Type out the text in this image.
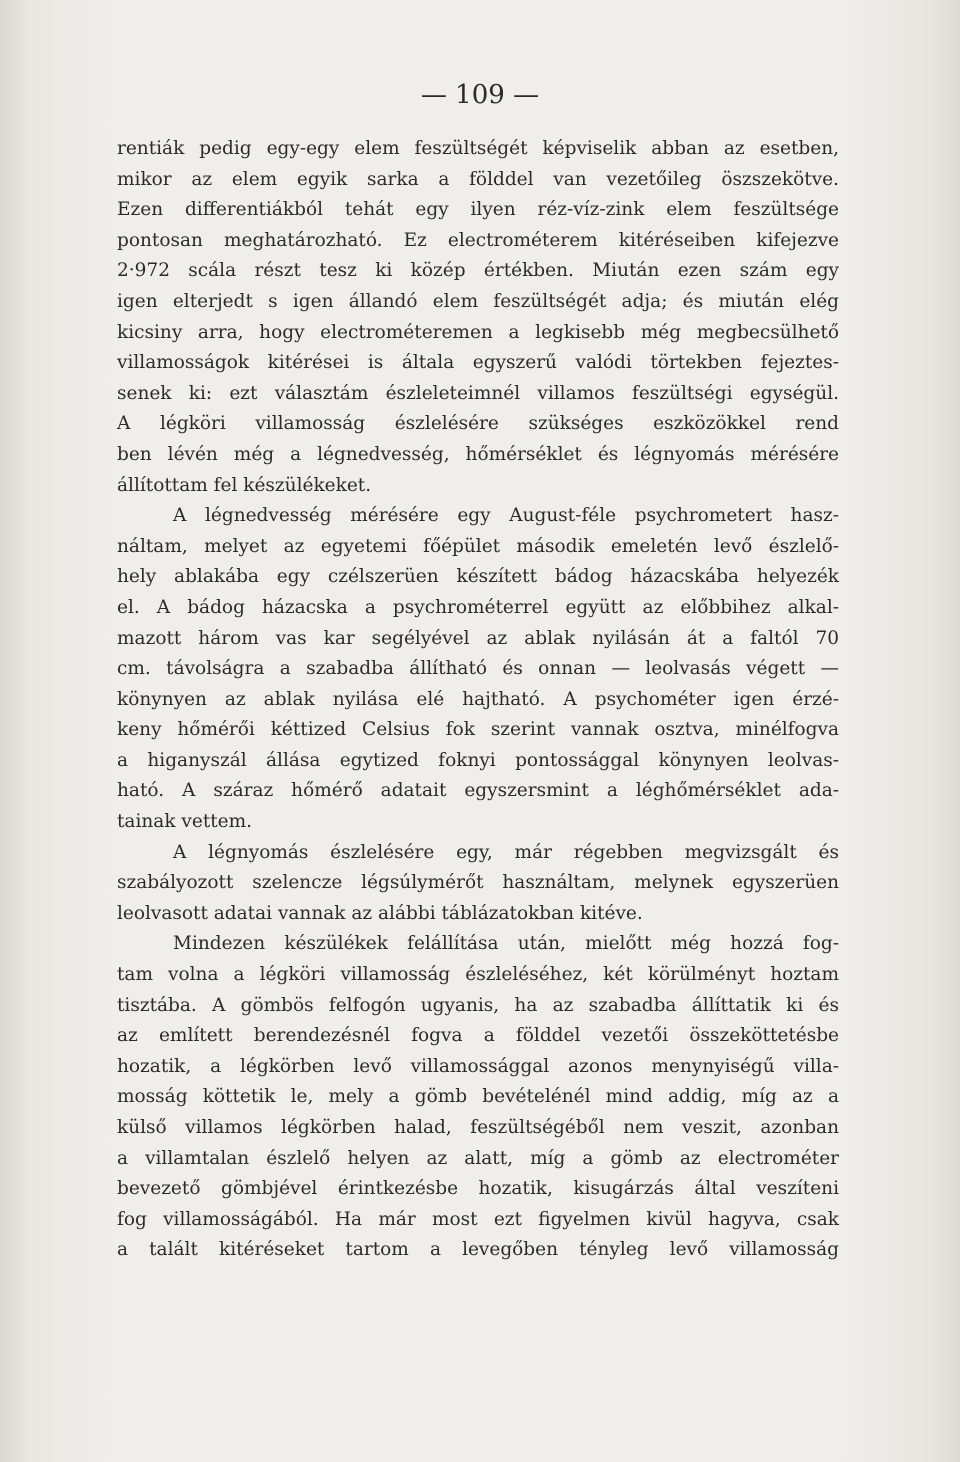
— 109 —
rentiák pedig egy-egy elem feszültségét képviselik abban az esetben,
mikor az elem egyik sarka a földdel van vezetőileg öszszekötve.
Ezen differentiákból tehát egy ilyen réz-víz-zink elem feszültsége
pontosan meghatározható. Ez electrométerem kitéréseiben kifejezve
2·972 scála részt tesz ki közép értékben. Miután ezen szám egy
igen elterjedt s igen állandó elem feszültségét adja; és miután elég
kicsiny arra, hogy electrométeremen a legkisebb még megbecsülhető
villamosságok kitérései is általa egyszerű valódi törtekben fejeztes-
senek ki: ezt választám észleleteimnél villamos feszültségi egységül.
A légköri villamosság észlelésére szükséges eszközökkel rend
ben lévén még a légnedvesség, hőmérséklet és légnyomás mérésére
állítottam fel készülékeket.
A légnedvesség mérésére egy August-féle psychrometert hasz-
náltam, melyet az egyetemi főépület második emeletén levő észlelő-
hely ablakába egy czélszerüen készített bádog házacskába helyezék
el. A bádog házacska a psychrométerrel együtt az előbbihez alkal-
mazott három vas kar segélyével az ablak nyilásán át a faltól 70
cm. távolságra a szabadba állítható és onnan — leolvasás végett —
könynyen az ablak nyilása elé hajtható. A psychométer igen érzé-
keny hőmérői kéttized Celsius fok szerint vannak osztva, minélfogva
a higanyszál állása egytized foknyi pontossággal könynyen leolvas-
ható. A száraz hőmérő adatait egyszersmint a léghőmérséklet ada-
tainak vettem.
A légnyomás észlelésére egy, már régebben megvizsgált és
szabályozott szelencze légsúlymérőt használtam, melynek egyszerüen
leolvasott adatai vannak az alábbi táblázatokban kitéve.
Mindezen készülékek felállítása után, mielőtt még hozzá fog-
tam volna a légköri villamosság észleléséhez, két körülményt hoztam
tisztába. A gömbös felfogón ugyanis, ha az szabadba állíttatik ki és
az említett berendezésnél fogva a földdel vezetői összeköttetésbe
hozatik, a légkörben levő villamossággal azonos menynyiségű villa-
mosság köttetik le, mely a gömb bevételénél mind addig, míg az a
külső villamos légkörben halad, feszültségéből nem veszit, azonban
a villamtalan észlelő helyen az alatt, míg a gömb az electrométer
bevezető gömbjével érintkezésbe hozatik, kisugárzás által veszíteni
fog villamosságából. Ha már most ezt figyelmen kivül hagyva, csak
a talált kitéréseket tartom a levegőben tényleg levő villamosság
